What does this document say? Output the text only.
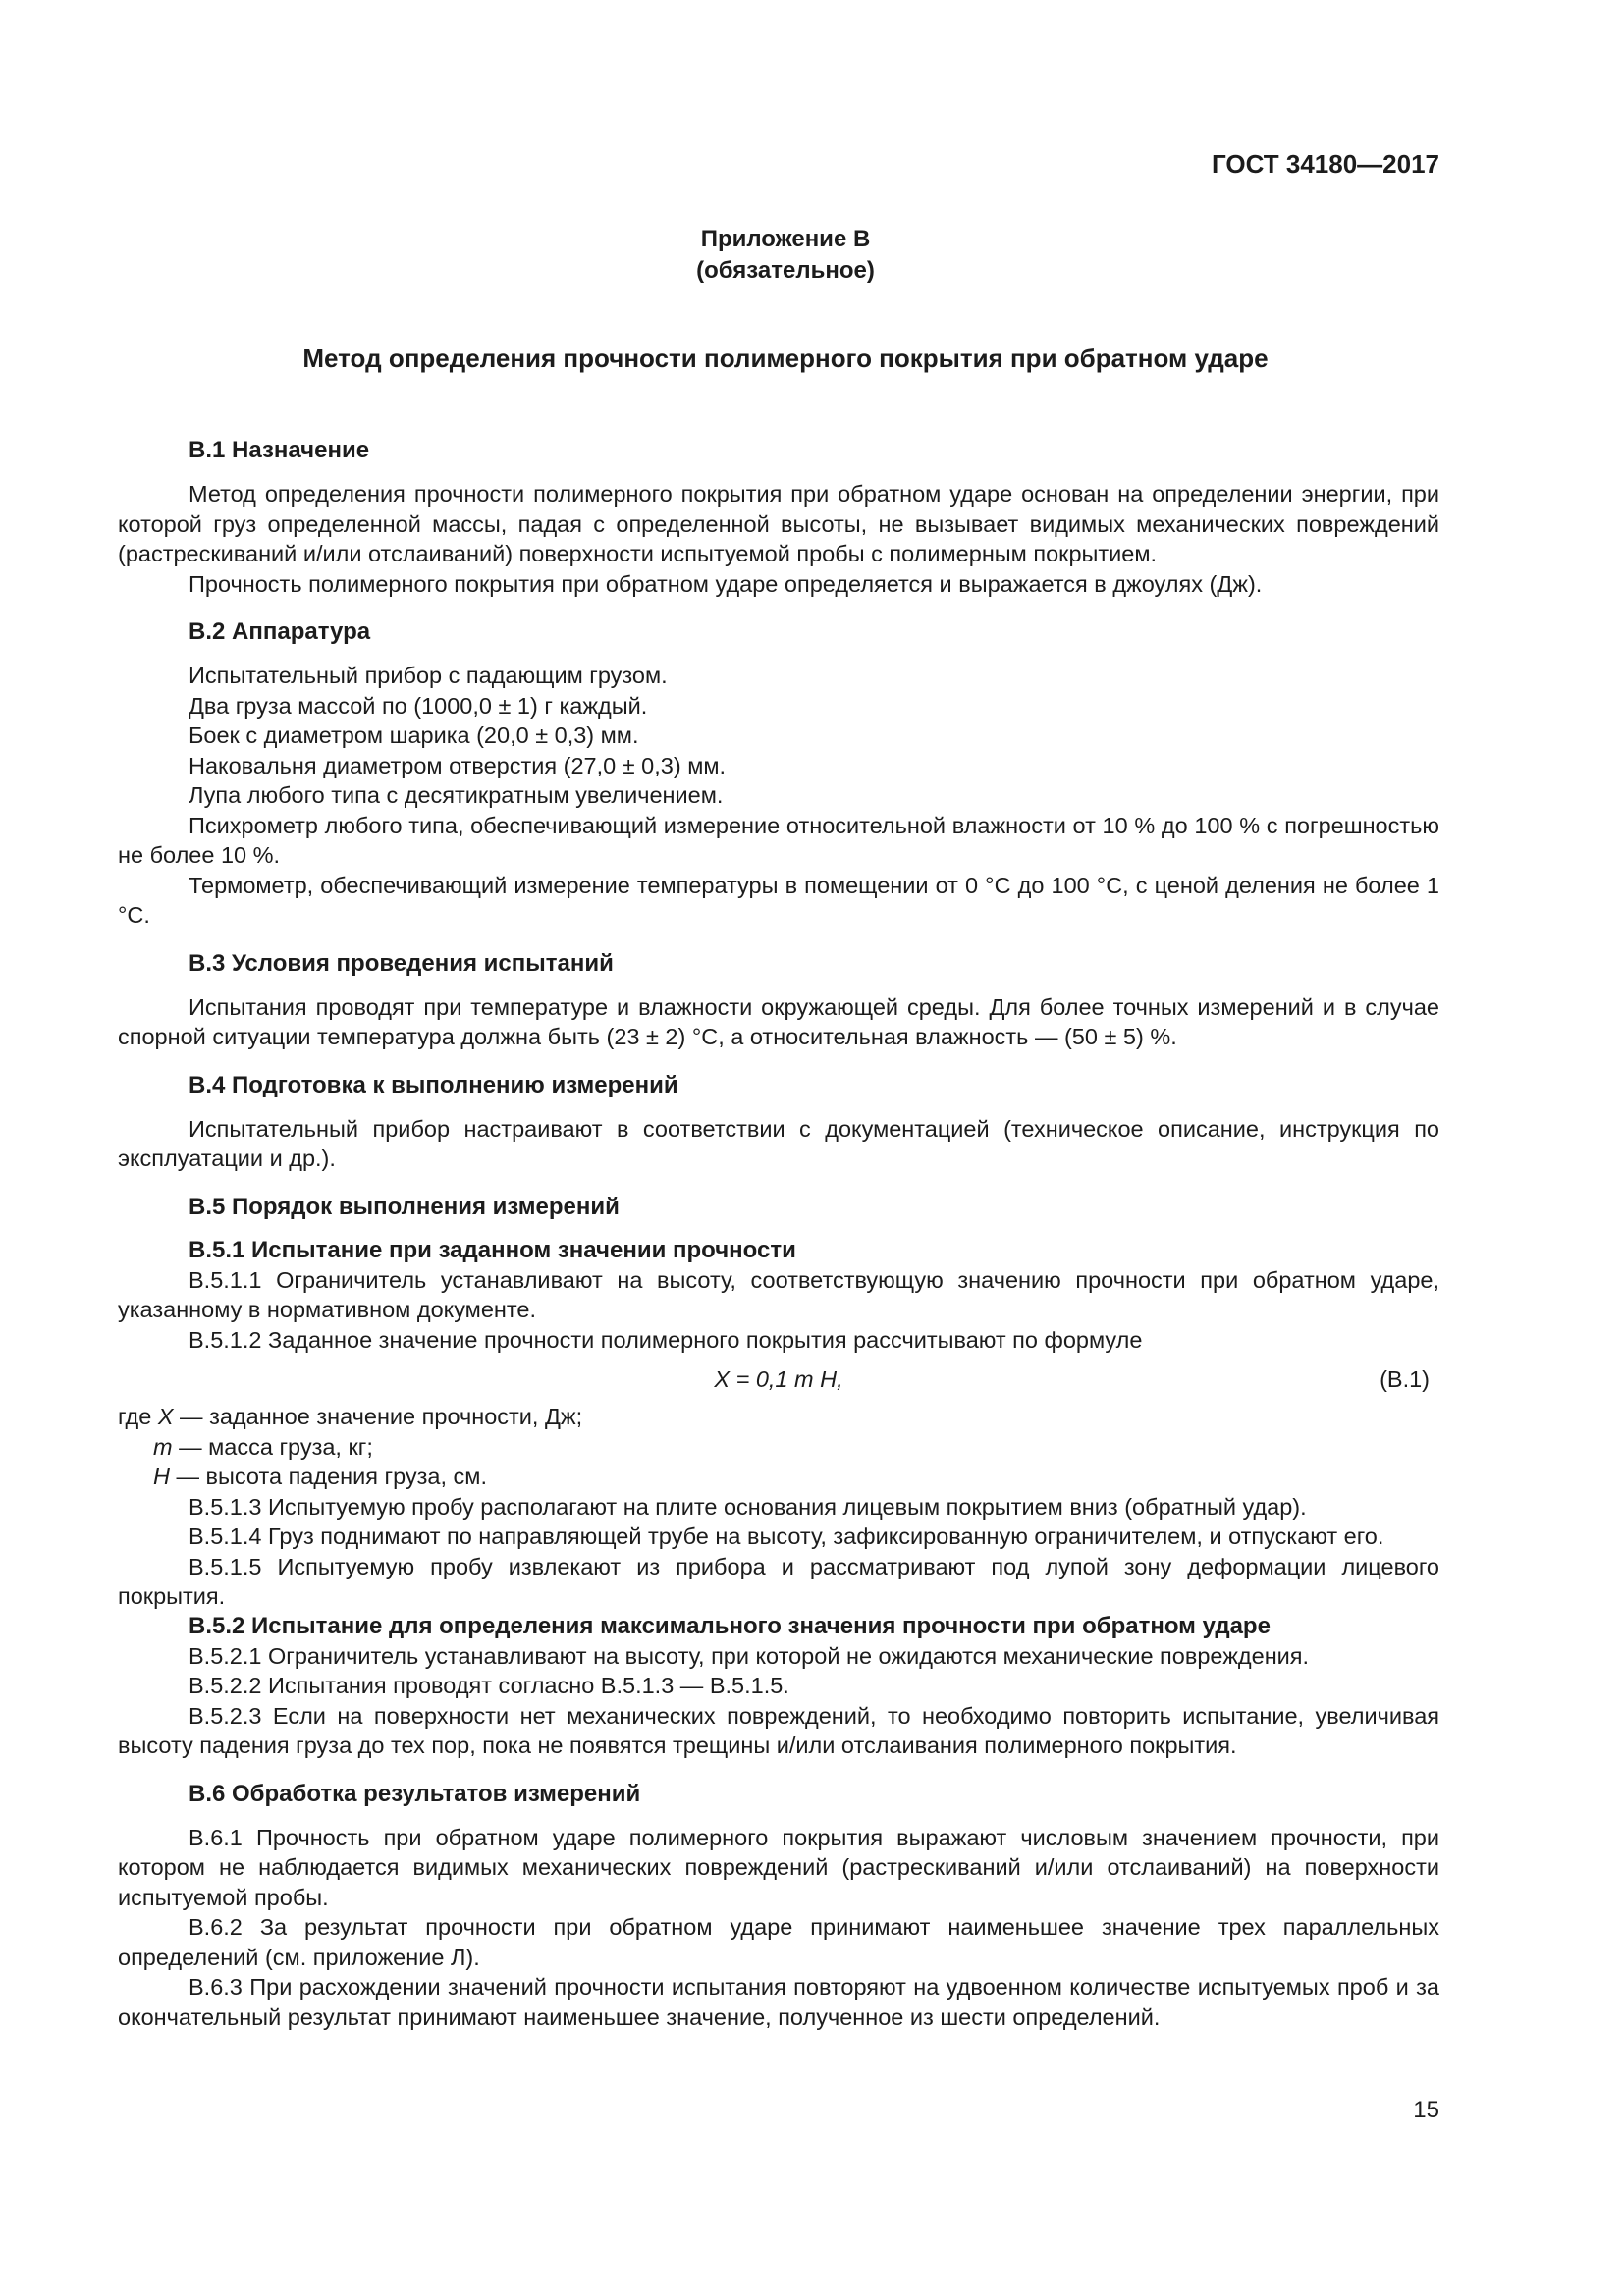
ГОСТ 34180—2017
Приложение В
(обязательное)
Метод определения прочности полимерного покрытия при обратном ударе
В.1 Назначение

Метод определения прочности полимерного покрытия при обратном ударе основан на определении энергии, при которой груз определенной массы, падая с определенной высоты, не вызывает видимых механических повреждений (растрескиваний и/или отслаиваний) поверхности испытуемой пробы с полимерным покрытием.

Прочность полимерного покрытия при обратном ударе определяется и выражается в джоулях (Дж).

В.2 Аппаратура

Испытательный прибор с падающим грузом.

Два груза массой по (1000,0 ± 1) г каждый.

Боек с диаметром шарика (20,0 ± 0,3) мм.

Наковальня диаметром отверстия (27,0 ± 0,3) мм.

Лупа любого типа с десятикратным увеличением.

Психрометр любого типа, обеспечивающий измерение относительной влажности от 10 % до 100 % с погрешностью не более 10 %.

Термометр, обеспечивающий измерение температуры в помещении от 0 °С до 100 °С, с ценой деления не более 1 °С.

В.3 Условия проведения испытаний

Испытания проводят при температуре и влажности окружающей среды. Для более точных измерений и в случае спорной ситуации температура должна быть (23 ± 2) °С, а относительная влажность — (50 ± 5) %.

В.4 Подготовка к выполнению измерений

Испытательный прибор настраивают в соответствии с документацией (техническое описание, инструкция по эксплуатации и др.).

В.5 Порядок выполнения измерений
В.5.1 Испытание при заданном значении прочности

В.5.1.1 Ограничитель устанавливают на высоту, соответствующую значению прочности при обратном ударе, указанному в нормативном документе.

В.5.1.2 Заданное значение прочности полимерного покрытия рассчитывают по формуле

X = 0,1 m H,	(В.1)

где X — заданное значение прочности, Дж;

m — масса груза, кг;

H — высота падения груза, см.

В.5.1.3 Испытуемую пробу располагают на плите основания лицевым покрытием вниз (обратный удар).

В.5.1.4 Груз поднимают по направляющей трубе на высоту, зафиксированную ограничителем, и отпускают его.

В.5.1.5 Испытуемую пробу извлекают из прибора и рассматривают под лупой зону деформации лицевого покрытия.

В.5.2 Испытание для определения максимального значения прочности при обратном ударе

В.5.2.1 Ограничитель устанавливают на высоту, при которой не ожидаются механические повреждения.

В.5.2.2 Испытания проводят согласно В.5.1.3 — В.5.1.5.

В.5.2.3 Если на поверхности нет механических повреждений, то необходимо повторить испытание, увеличивая высоту падения груза до тех пор, пока не появятся трещины и/или отслаивания полимерного покрытия.

В.6 Обработка результатов измерений

В.6.1 Прочность при обратном ударе полимерного покрытия выражают числовым значением прочности, при котором не наблюдается видимых механических повреждений (растрескиваний и/или отслаиваний) на поверхности испытуемой пробы.

В.6.2 За результат прочности при обратном ударе принимают наименьшее значение трех параллельных определений (см. приложение Л).

В.6.3 При расхождении значений прочности испытания повторяют на удвоенном количестве испытуемых проб и за окончательный результат принимают наименьшее значение, полученное из шести определений.

15
